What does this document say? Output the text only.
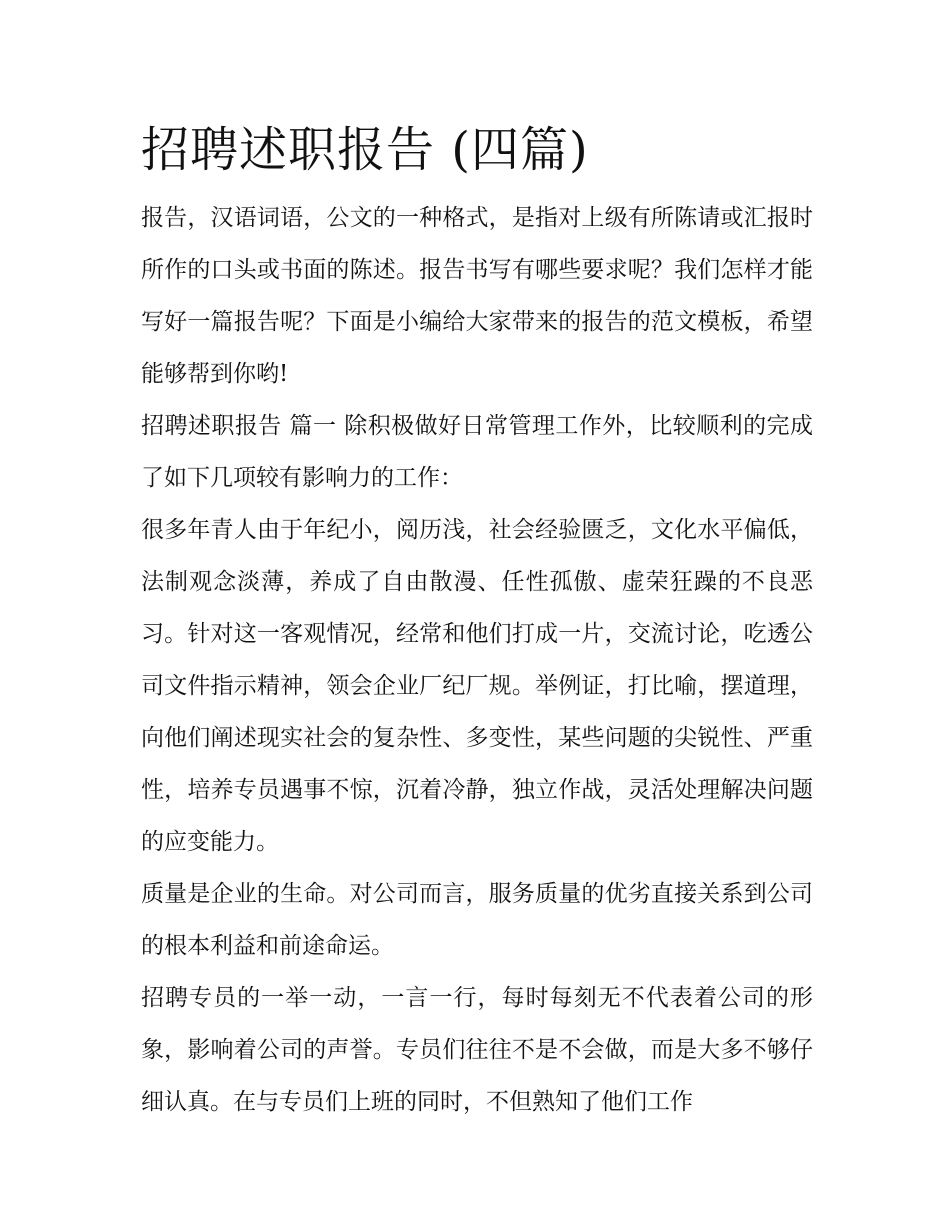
招聘述职报告 (四篇)

报告，汉语词语，公文的一种格式，是指对上级有所陈请或汇报时所作的口头或书面的陈述。报告书写有哪些要求呢？我们怎样才能写好一篇报告呢？下面是小编给大家带来的报告的范文模板，希望能够帮到你哟!

招聘述职报告 篇一 除积极做好日常管理工作外，比较顺利的完成了如下几项较有影响力的工作：

很多年青人由于年纪小，阅历浅，社会经验匮乏，文化水平偏低，法制观念淡薄，养成了自由散漫、任性孤傲、虚荣狂躁的不良恶习。针对这一客观情况，经常和他们打成一片，交流讨论，吃透公司文件指示精神，领会企业厂纪厂规。举例证，打比喻，摆道理，向他们阐述现实社会的复杂性、多变性，某些问题的尖锐性、严重性，培养专员遇事不惊，沉着冷静，独立作战，灵活处理解决问题的应变能力。

质量是企业的生命。对公司而言，服务质量的优劣直接关系到公司的根本利益和前途命运。

招聘专员的一举一动，一言一行，每时每刻无不代表着公司的形象，影响着公司的声誉。专员们往往不是不会做，而是大多不够仔细认真。在与专员们上班的同时，不但熟知了他们工作
